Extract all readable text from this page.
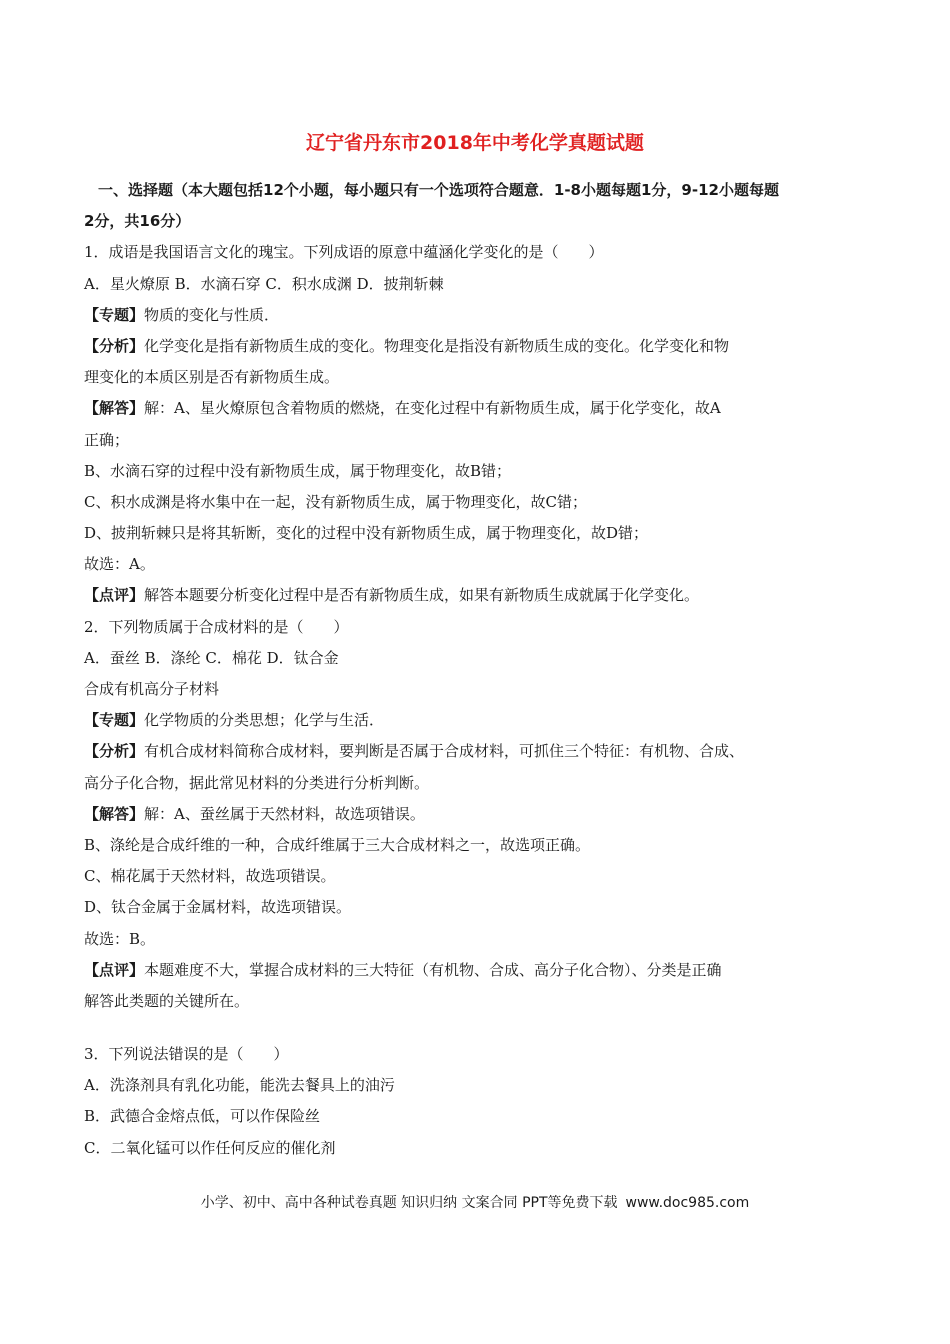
辽宁省丹东市2018年中考化学真题试题
一、选择题（本大题包括12个小题，每小题只有一个选项符合题意．1-8小题每题1分，9-12小题每题
2分，共16分）
1．成语是我国语言文化的瑰宝。下列成语的原意中蕴涵化学变化的是（　　）
A．星火燎原 B．水滴石穿 C．积水成渊 D．披荆斩棘
【专题】物质的变化与性质．
【分析】化学变化是指有新物质生成的变化。物理变化是指没有新物质生成的变化。化学变化和物
理变化的本质区别是否有新物质生成。
【解答】解：A、星火燎原包含着物质的燃烧，在变化过程中有新物质生成，属于化学变化，故A
正确；
B、水滴石穿的过程中没有新物质生成，属于物理变化，故B错；
C、积水成渊是将水集中在一起，没有新物质生成，属于物理变化，故C错；
D、披荆斩棘只是将其斩断，变化的过程中没有新物质生成，属于物理变化，故D错；
故选：A。
【点评】解答本题要分析变化过程中是否有新物质生成，如果有新物质生成就属于化学变化。
2．下列物质属于合成材料的是（　　）
A．蚕丝 B．涤纶 C．棉花 D．钛合金
合成有机高分子材料
【专题】化学物质的分类思想；化学与生活．
【分析】有机合成材料简称合成材料，要判断是否属于合成材料，可抓住三个特征：有机物、合成、
高分子化合物，据此常见材料的分类进行分析判断。
【解答】解：A、蚕丝属于天然材料，故选项错误。
B、涤纶是合成纤维的一种，合成纤维属于三大合成材料之一，故选项正确。
C、棉花属于天然材料，故选项错误。
D、钛合金属于金属材料，故选项错误。
故选：B。
【点评】本题难度不大，掌握合成材料的三大特征（有机物、合成、高分子化合物）、分类是正确
解答此类题的关键所在。
3．下列说法错误的是（　　）
A．洗涤剂具有乳化功能，能洗去餐具上的油污
B．武德合金熔点低，可以作保险丝
C．二氧化锰可以作任何反应的催化剂
小学、初中、高中各种试卷真题 知识归纳 文案合同 PPT等免费下载 www.doc985.com
